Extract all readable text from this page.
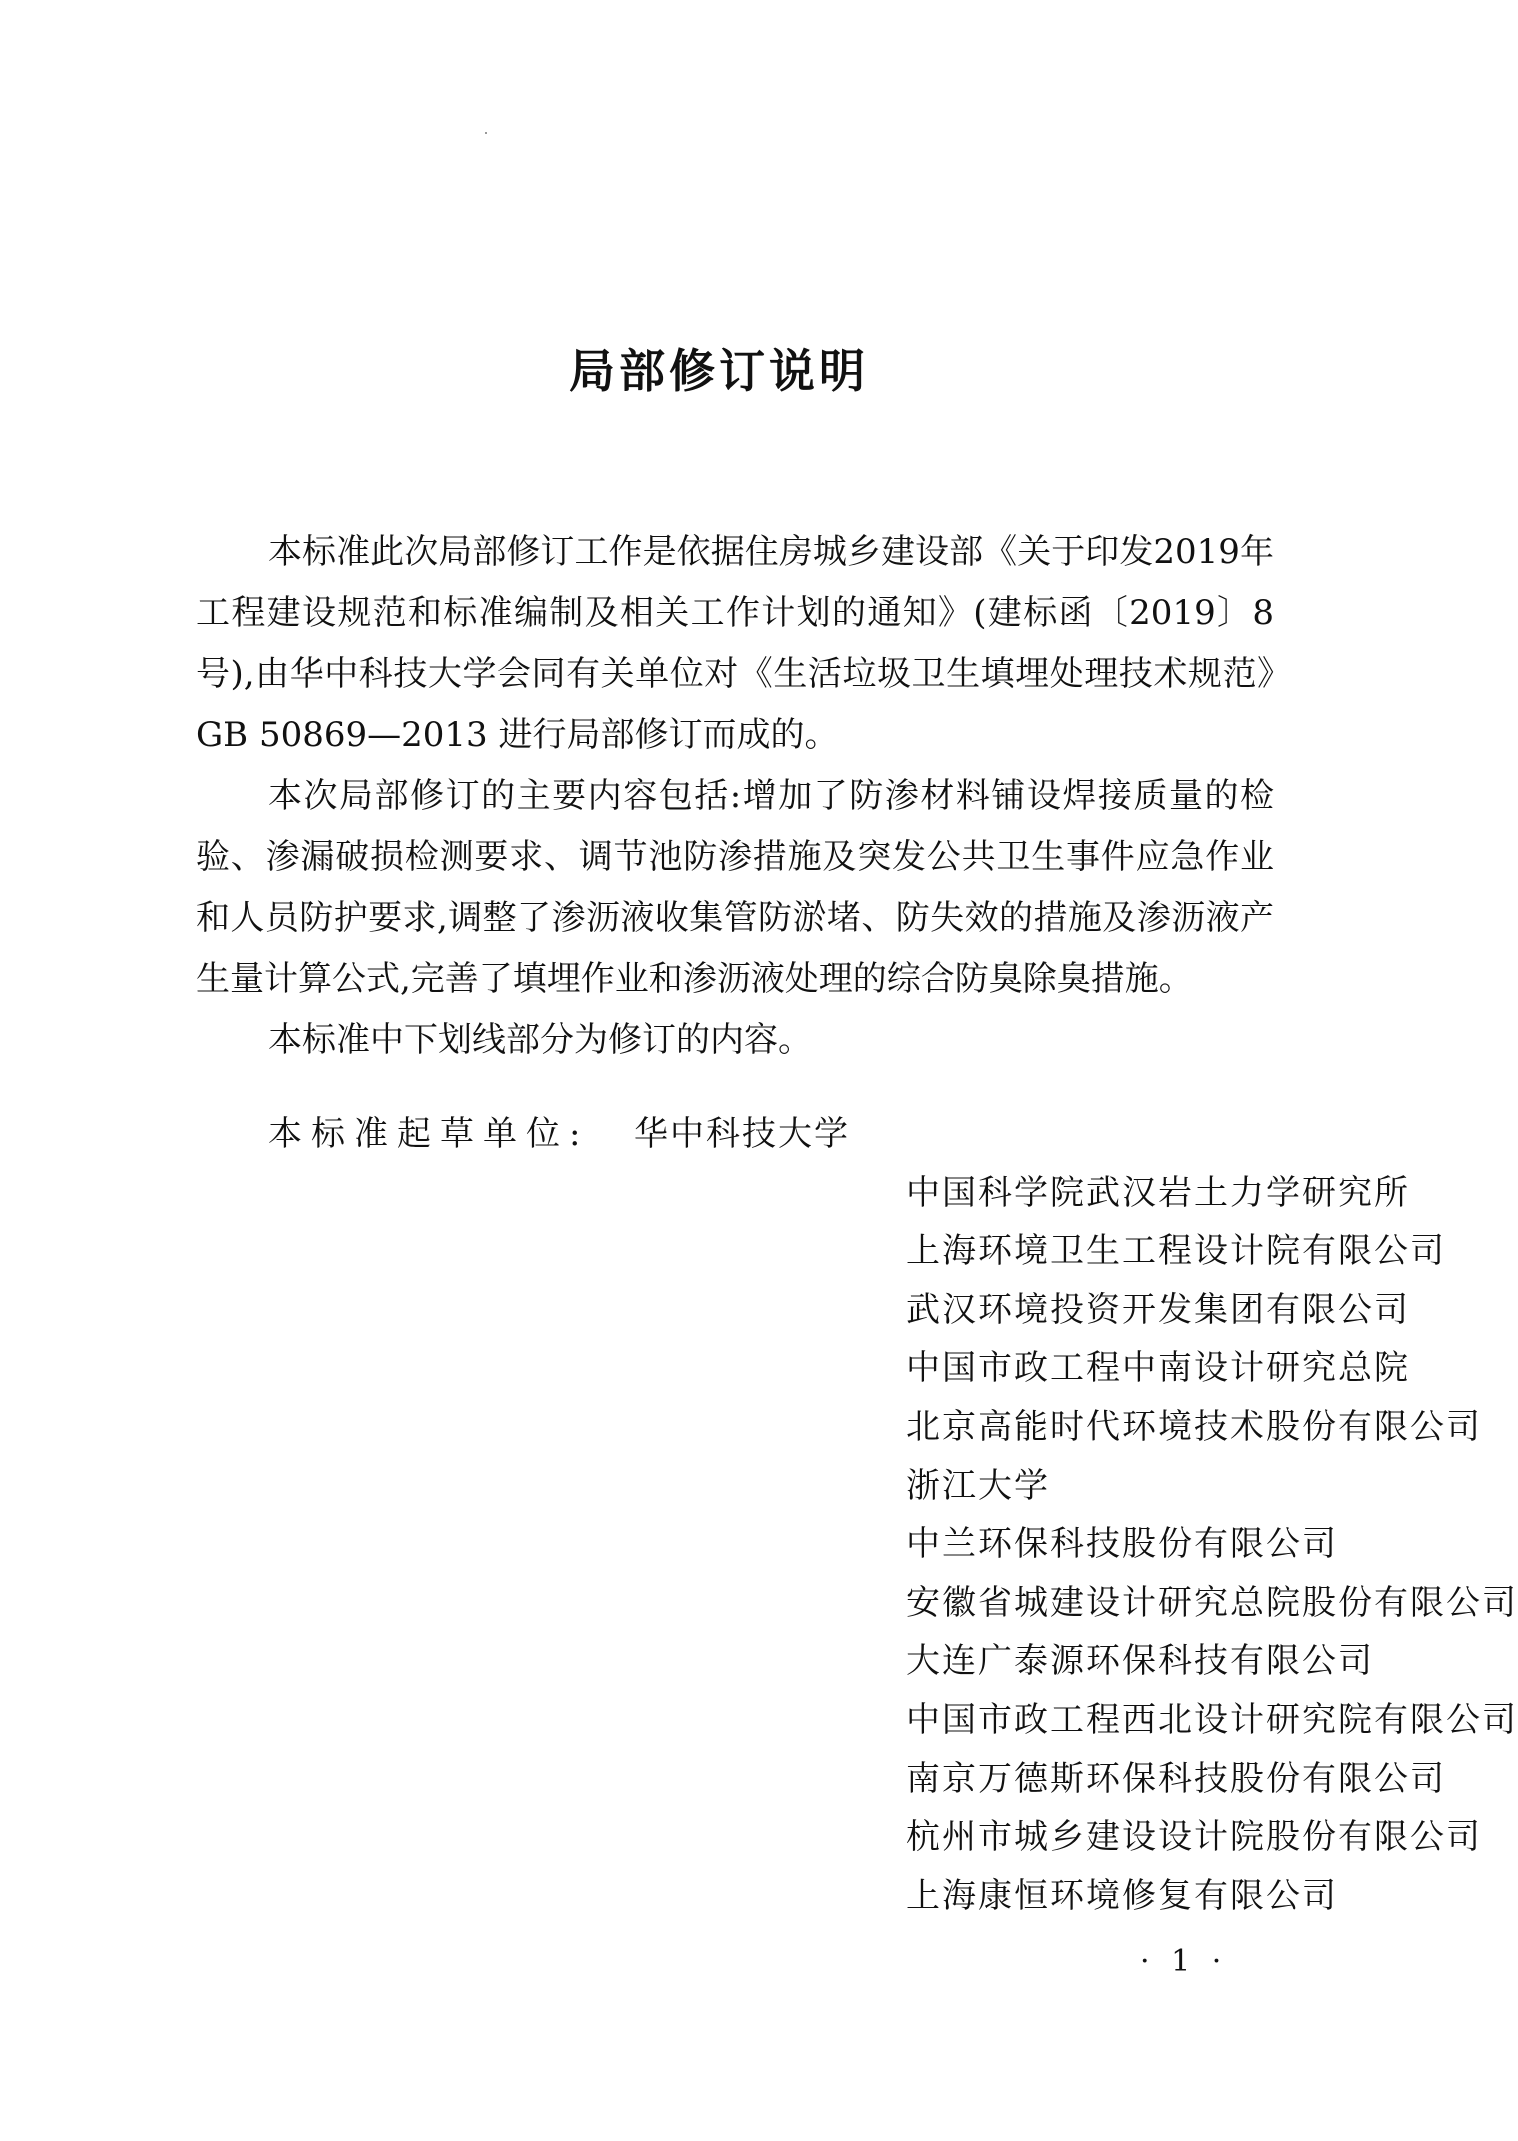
局部修订说明

本标准此次局部修订工作是依据住房城乡建设部《关于印发2019年工程建设规范和标准编制及相关工作计划的通知》(建标函〔2019〕8号),由华中科技大学会同有关单位对《生活垃圾卫生填埋处理技术规范》GB 50869—2013 进行局部修订而成的。

本次局部修订的主要内容包括:增加了防渗材料铺设焊接质量的检验、渗漏破损检测要求、调节池防渗措施及突发公共卫生事件应急作业和人员防护要求,调整了渗沥液收集管防淤堵、防失效的措施及渗沥液产生量计算公式,完善了填埋作业和渗沥液处理的综合防臭除臭措施。

本标准中下划线部分为修订的内容。

本标准起草单位:	华中科技大学
中国科学院武汉岩土力学研究所
上海环境卫生工程设计院有限公司
武汉环境投资开发集团有限公司
中国市政工程中南设计研究总院
北京高能时代环境技术股份有限公司
浙江大学
中兰环保科技股份有限公司
安徽省城建设计研究总院股份有限公司
大连广泰源环保科技有限公司
中国市政工程西北设计研究院有限公司
南京万德斯环保科技股份有限公司
杭州市城乡建设设计院股份有限公司
上海康恒环境修复有限公司
· 1 ·
